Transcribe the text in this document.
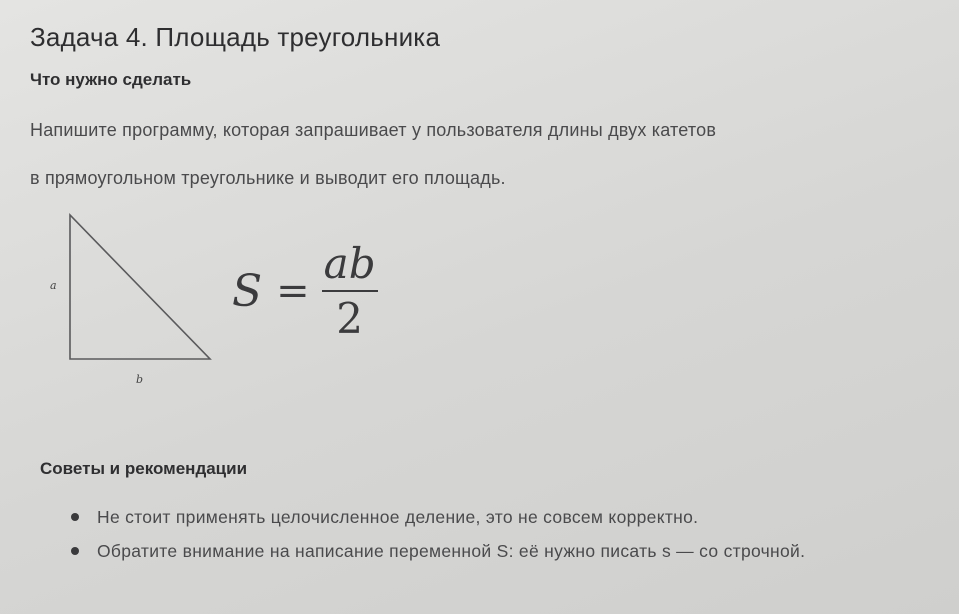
Задача 4. Площадь треугольника
Что нужно сделать

Напишите программу, которая запрашивает у пользователя длины двух катетов

в прямоугольном треугольнике и выводит его площадь.

a
b
$S = \frac{ab}{2}$
Советы и рекомендации
Не стоит применять целочисленное деление, это не совсем корректно.
Обратите внимание на написание переменной S: её нужно писать s — со строчной.
